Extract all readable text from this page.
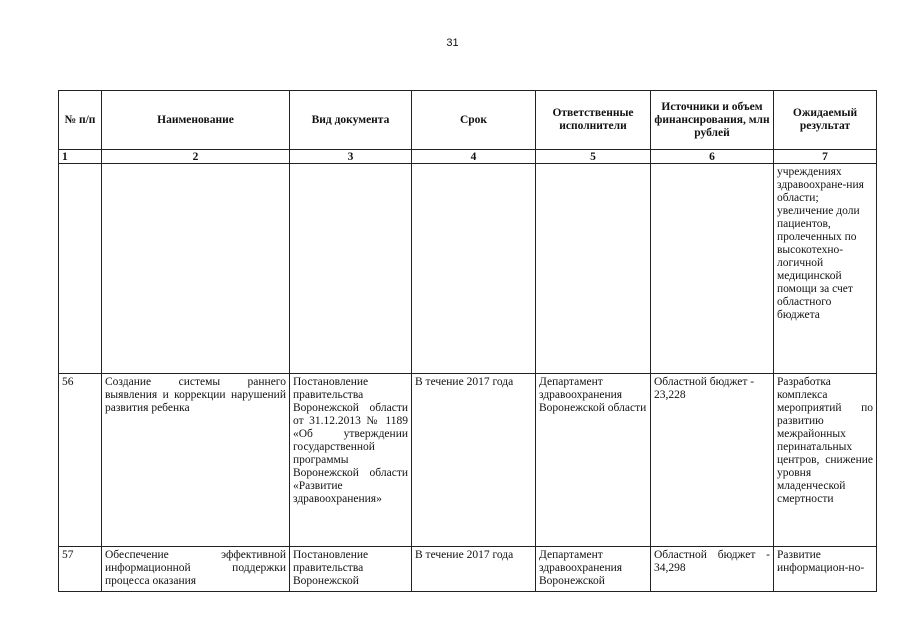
31
№ п/п	Наименование	Вид документа	Срок	Ответственные исполнители	Источники и объем финансирования, млн рублей	Ожидаемый результат
1	2	3	4	5	6	7
						учреждениях здравоохране-ния области; увеличение доли пациентов, пролеченных по высокотехно-логичной медицинской помощи за счет областного бюджета
56	Создание системы раннего выявления и коррекции нарушений развития ребенка	Постановление правительства Воронежской области от 31.12.2013 № 1189 «Об утверждении государственной программы Воронежской области «Развитие здравоохранения»	В течение 2017 года	Департамент здравоохранения Воронежской области	Областной бюджет - 23,228	Разработка комплекса мероприятий по развитию межрайонных перинатальных центров, снижение уровня младенческой смертности
57	Обеспечение эффективной информационной поддержки процесса оказания	Постановление правительства Воронежской	В течение 2017 года	Департамент здравоохранения Воронежской	Областной бюджет - 34,298	Развитие информацион-но-
